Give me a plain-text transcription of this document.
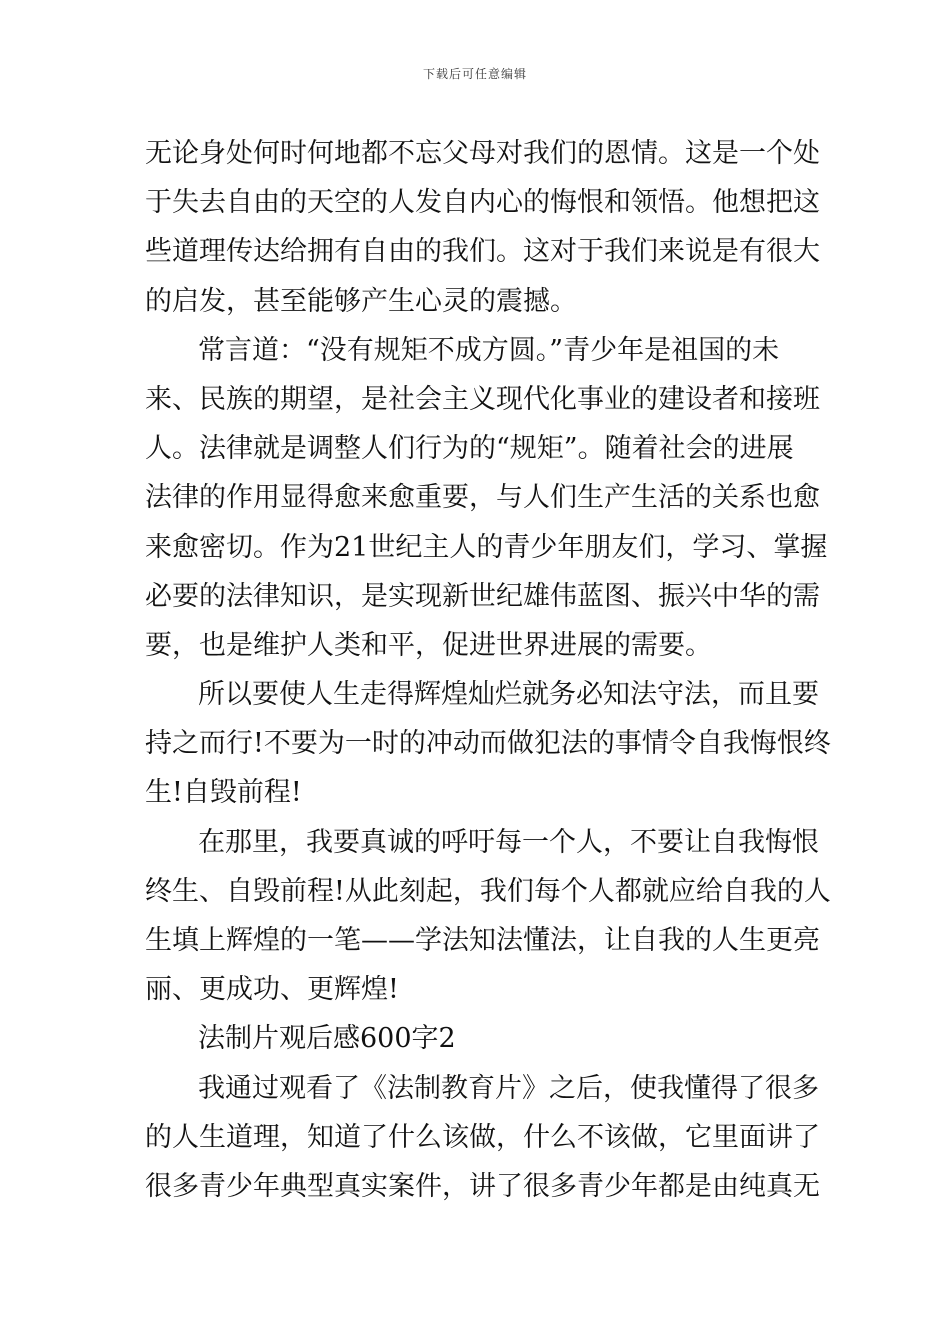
下载后可任意编辑
无论身处何时何地都不忘父母对我们的恩情。这是一个处
于失去自由的天空的人发自内心的悔恨和领悟。他想把这
些道理传达给拥有自由的我们。这对于我们来说是有很大
的启发，甚至能够产生心灵的震撼。
常言道：“没有规矩不成方圆。”青少年是祖国的未
来、民族的期望，是社会主义现代化事业的建设者和接班
人。法律就是调整人们行为的“规矩”。随着社会的进展
法律的作用显得愈来愈重要，与人们生产生活的关系也愈
来愈密切。作为21世纪主人的青少年朋友们，学习、掌握
必要的法律知识，是实现新世纪雄伟蓝图、振兴中华的需
要，也是维护人类和平，促进世界进展的需要。
所以要使人生走得辉煌灿烂就务必知法守法，而且要
持之而行!不要为一时的冲动而做犯法的事情令自我悔恨终
生!自毁前程!
在那里，我要真诚的呼吁每一个人，不要让自我悔恨
终生、自毁前程!从此刻起，我们每个人都就应给自我的人
生填上辉煌的一笔——学法知法懂法，让自我的人生更亮
丽、更成功、更辉煌!
法制片观后感600字2
我通过观看了《法制教育片》之后，使我懂得了很多
的人生道理，知道了什么该做，什么不该做，它里面讲了
很多青少年典型真实案件，讲了很多青少年都是由纯真无
